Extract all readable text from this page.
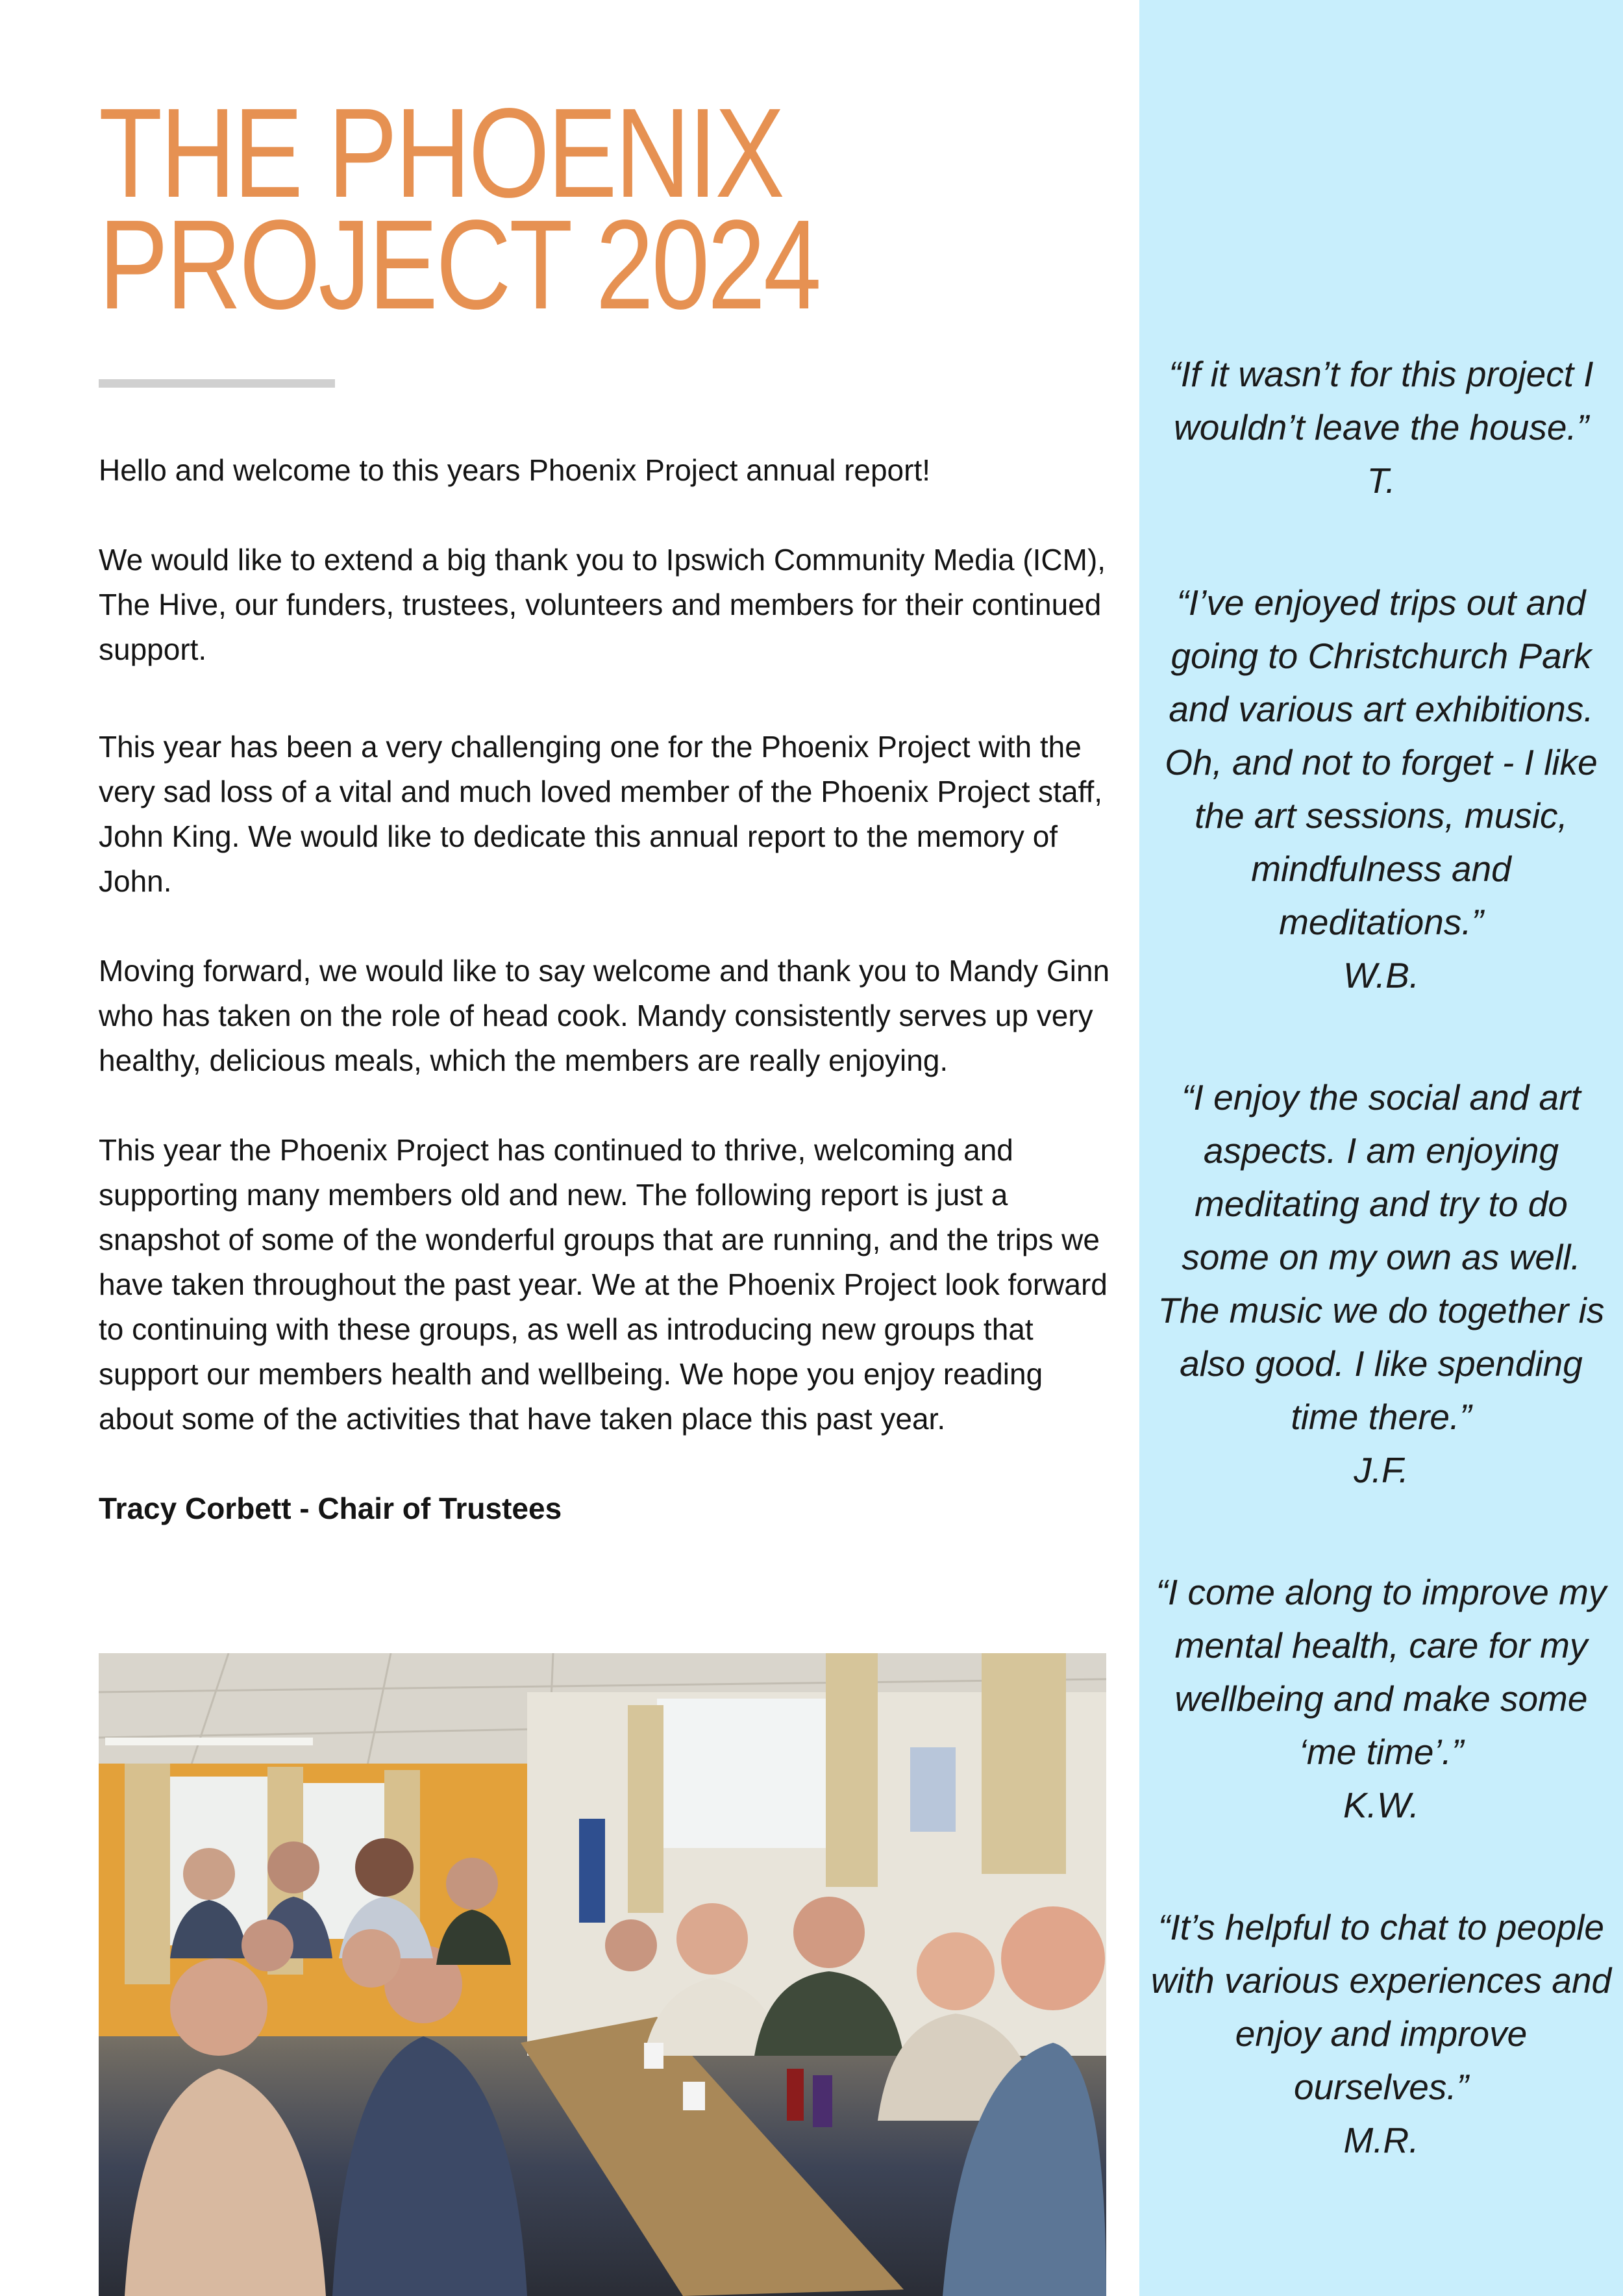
THE PHOENIX
PROJECT 2024

Hello and welcome to this years Phoenix Project annual report!

We would like to extend a big thank you to Ipswich Community Media (ICM), The Hive, our funders, trustees, volunteers and members for their continued support.

This year has been a very challenging one for the Phoenix Project with the very sad loss of a vital and much loved member of the Phoenix Project staff, John King. We would like to dedicate this annual report to the memory of John.

Moving forward, we would like to say welcome and thank you to Mandy Ginn who has taken on the role of head cook. Mandy consistently serves up very healthy, delicious meals, which the members are really enjoying.

This year the Phoenix Project has continued to thrive, welcoming and supporting many members old and new. The following report is just a snapshot of some of the wonderful groups that are running, and the trips we have taken throughout the past year. We at the Phoenix Project look forward to continuing with these groups, as well as introducing new groups that support our members health and wellbeing. We hope you enjoy reading about some of the activities that have taken place this past year.

Tracy Corbett - Chair of Trustees

“If it wasn’t for this project I wouldn’t leave the house.”

T.

“I’ve enjoyed trips out and going to Christchurch Park and various art exhibitions. Oh, and not to forget - I like the art sessions, music, mindfulness and meditations.”

W.B.

“I enjoy the social and art aspects. I am enjoying meditating and try to do some on my own as well. The music we do together is also good. I like spending time there.”

J.F.

“I come along to improve my mental health, care for my wellbeing and make some ‘me time’.”

K.W.

“It’s helpful to chat to people with various experiences and enjoy and improve ourselves.”

M.R.
